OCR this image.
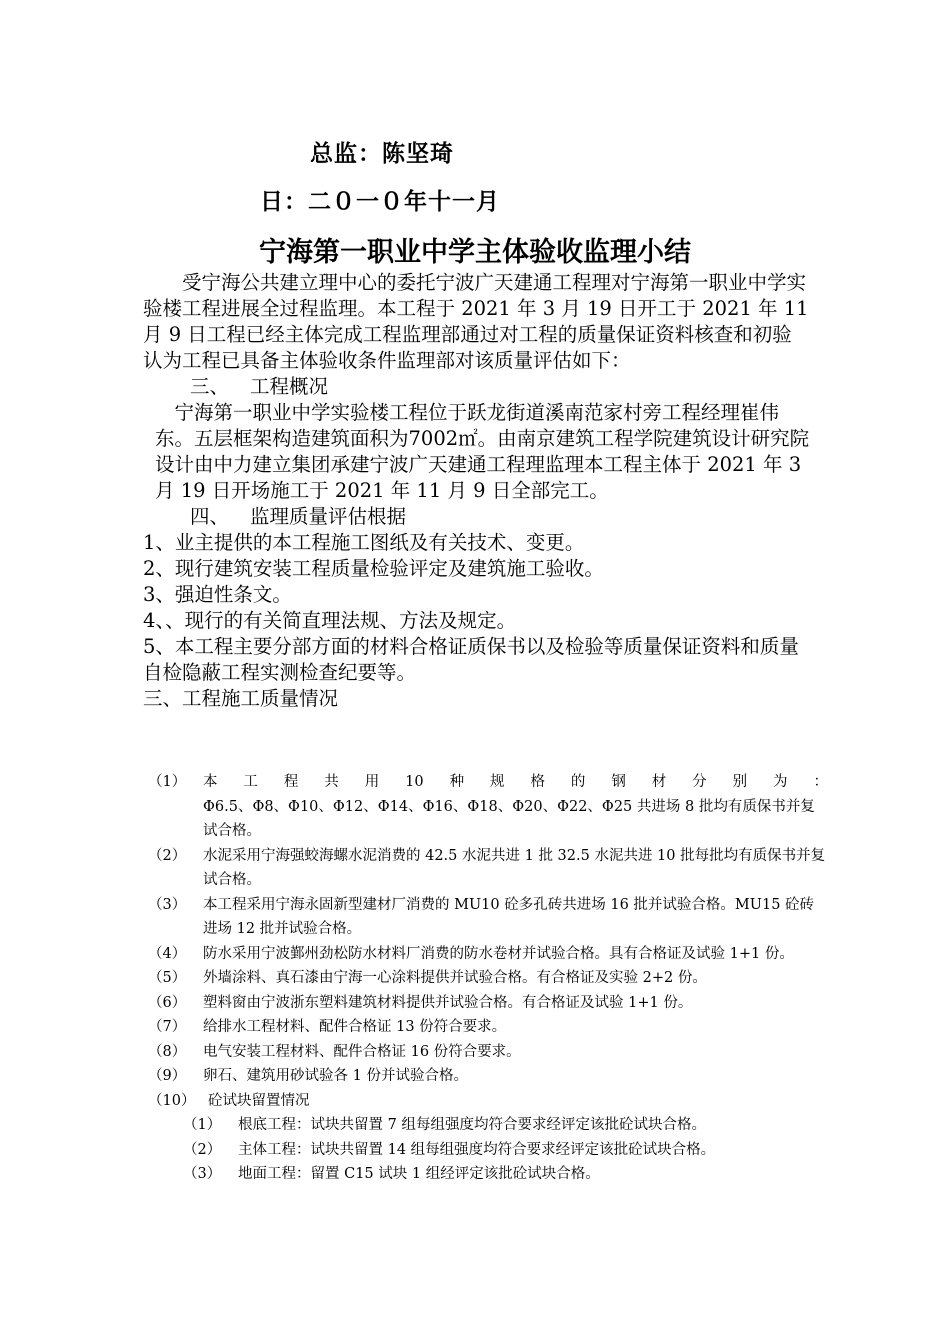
总监：陈坚琦
日：二０一０年十一月
宁海第一职业中学主体验收监理小结

受宁海公共建立理中心的委托宁波广天建通工程理对宁海第一职业中学实验楼工程进展全过程监理。本工程于 2021 年 3 月 19 日开工于 2021 年 11 月 9 日工程已经主体完成工程监理部通过对工程的质量保证资料核查和初验认为工程已具备主体验收条件监理部对该质量评估如下：

三、 工程概况

宁海第一职业中学实验楼工程位于跃龙街道溪南范家村旁工程经理崔伟东。五层框架构造建筑面积为7002㎡。由南京建筑工程学院建筑设计研究院设计由中力建立集团承建宁波广天建通工程理监理本工程主体于 2021 年 3 月 19 日开场施工于 2021 年 11 月 9 日全部完工。

四、 监理质量评估根据

1、业主提供的本工程施工图纸及有关技术、变更。

2、现行建筑安装工程质量检验评定及建筑施工验收。

3、强迫性条文。

4、、现行的有关简直理法规、方法及规定。

5、本工程主要分部方面的材料合格证质保书以及检验等质量保证资料和质量自检隐蔽工程实测检查纪要等。

三、工程施工质量情况

（1）	本工程共用10种规格的钢材分别为：
Φ6.5、Φ8、Φ10、Φ12、Φ14、Φ16、Φ18、Φ20、Φ22、Φ25 共进场 8 批均有质保书并复试合格。
（2）	水泥采用宁海强蛟海螺水泥消费的 42.5 水泥共进 1 批 32.5 水泥共进 10 批每批均有质保书并复试合格。
（3）	本工程采用宁海永固新型建材厂消费的 MU10 砼多孔砖共进场 16 批并试验合格。MU15 砼砖进场 12 批并试验合格。
（4）	防水采用宁波鄞州劲松防水材料厂消费的防水卷材并试验合格。具有合格证及试验 1+1 份。
（5）	外墙涂料、真石漆由宁海一心涂料提供并试验合格。有合格证及实验 2+2 份。
（6）	塑料窗由宁波浙东塑料建筑材料提供并试验合格。有合格证及试验 1+1 份。
（7）	给排水工程材料、配件合格证 13 份符合要求。
（8）	电气安装工程材料、配件合格证 16 份符合要求。
（9）	卵石、建筑用砂试验各 1 份并试验合格。
（10） 砼试块留置情况
（1）	根底工程：试块共留置 7 组每组强度均符合要求经评定该批砼试块合格。
（2）	主体工程：试块共留置 14 组每组强度均符合要求经评定该批砼试块合格。
（3）	地面工程：留置 C15 试块 1 组经评定该批砼试块合格。
